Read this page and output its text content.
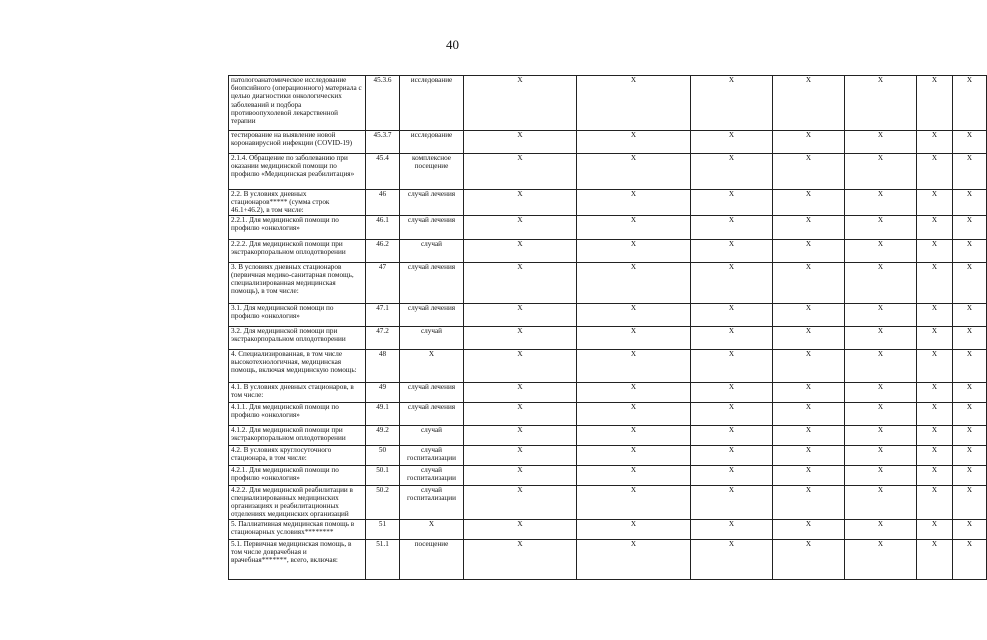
40
патологоанатомическое исследование биопсийного (операционного) материала с целью диагностики онкологических заболеваний и подбора противоопухолевой лекарственной терапии	45.3.6	исследование	X	X	X	X	X	X	X
тестирование на выявление новой коронавирусной инфекции (COVID-19)	45.3.7	исследование	X	X	X	X	X	X	X
2.1.4. Обращение по заболеванию при оказании медицинской помощи по профилю «Медицинская реабилитация»	45.4	комплексное посещение	X	X	X	X	X	X	X
2.2. В условиях дневных стационаров***** (сумма строк 46.1+46.2), в том числе:	46	случай лечения	X	X	X	X	X	X	X
2.2.1. Для медицинской помощи по профилю «онкология»	46.1	случай лечения	X	X	X	X	X	X	X
2.2.2. Для медицинской помощи при экстракорпоральном оплодотворении	46.2	случай	X	X	X	X	X	X	X
3. В условиях дневных стационаров (первичная медико-санитарная помощь, специализированная медицинская помощь), в том числе:	47	случай лечения	X	X	X	X	X	X	X
3.1. Для медицинской помощи по профилю «онкология»	47.1	случай лечения	X	X	X	X	X	X	X
3.2. Для медицинской помощи при экстракорпоральном оплодотворении	47.2	случай	X	X	X	X	X	X	X
4. Специализированная, в том числе высокотехнологичная, медицинская помощь, включая медицинскую помощь:	48	X	X	X	X	X	X	X	X
4.1. В условиях дневных стационаров, в том числе:	49	случай лечения	X	X	X	X	X	X	X
4.1.1. Для медицинской помощи по профилю «онкология»	49.1	случай лечения	X	X	X	X	X	X	X
4.1.2. Для медицинской помощи при экстракорпоральном оплодотворении	49.2	случай	X	X	X	X	X	X	X
4.2. В условиях круглосуточного стационара, в том числе:	50	случай госпитализации	X	X	X	X	X	X	X
4.2.1. Для медицинской помощи по профилю «онкология»	50.1	случай госпитализации	X	X	X	X	X	X	X
4.2.2. Для медицинской реабилитации в специализированных медицинских организациях и реабилитационных отделениях медицинских организаций	50.2	случай госпитализации	X	X	X	X	X	X	X
5. Паллиативная медицинская помощь в стационарных условиях********	51	X	X	X	X	X	X	X	X
5.1. Первичная медицинская помощь, в том числе доврачебная и врачебная*******, всего, включая:	51.1	посещение	X	X	X	X	X	X	X
